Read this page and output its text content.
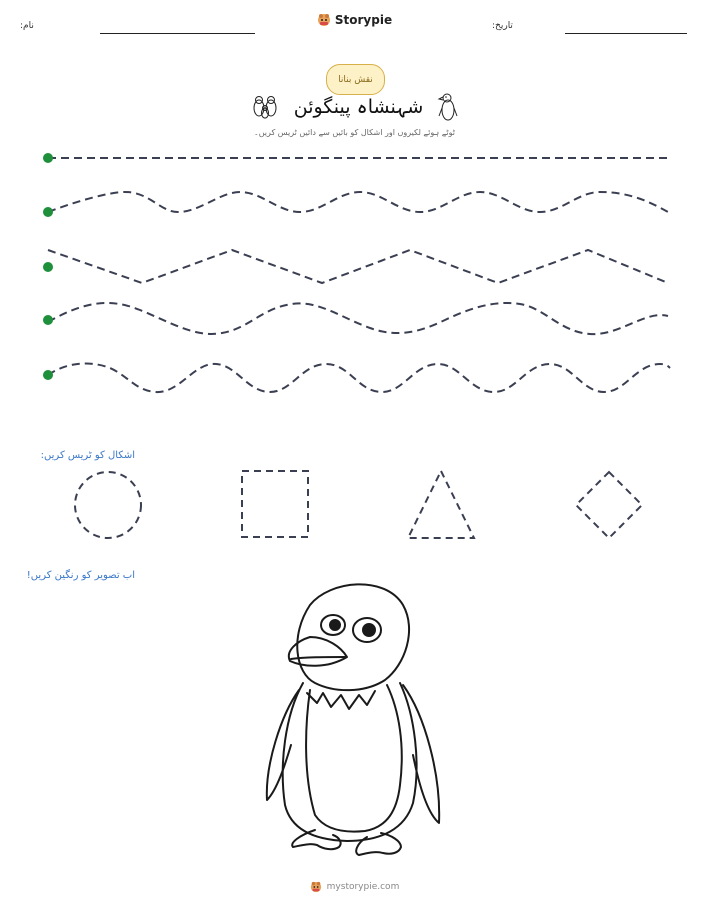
نام:	Storypie	تاریخ:
نقش بنانا
شہنشاہ پینگوئن
ٹوٹے ہوئے لکیروں اور اشکال کو بائیں سے دائیں ٹریس کریں۔
اشکال کو ٹریس کریں:
اب تصویر کو رنگین کریں!
mystorypie.com
